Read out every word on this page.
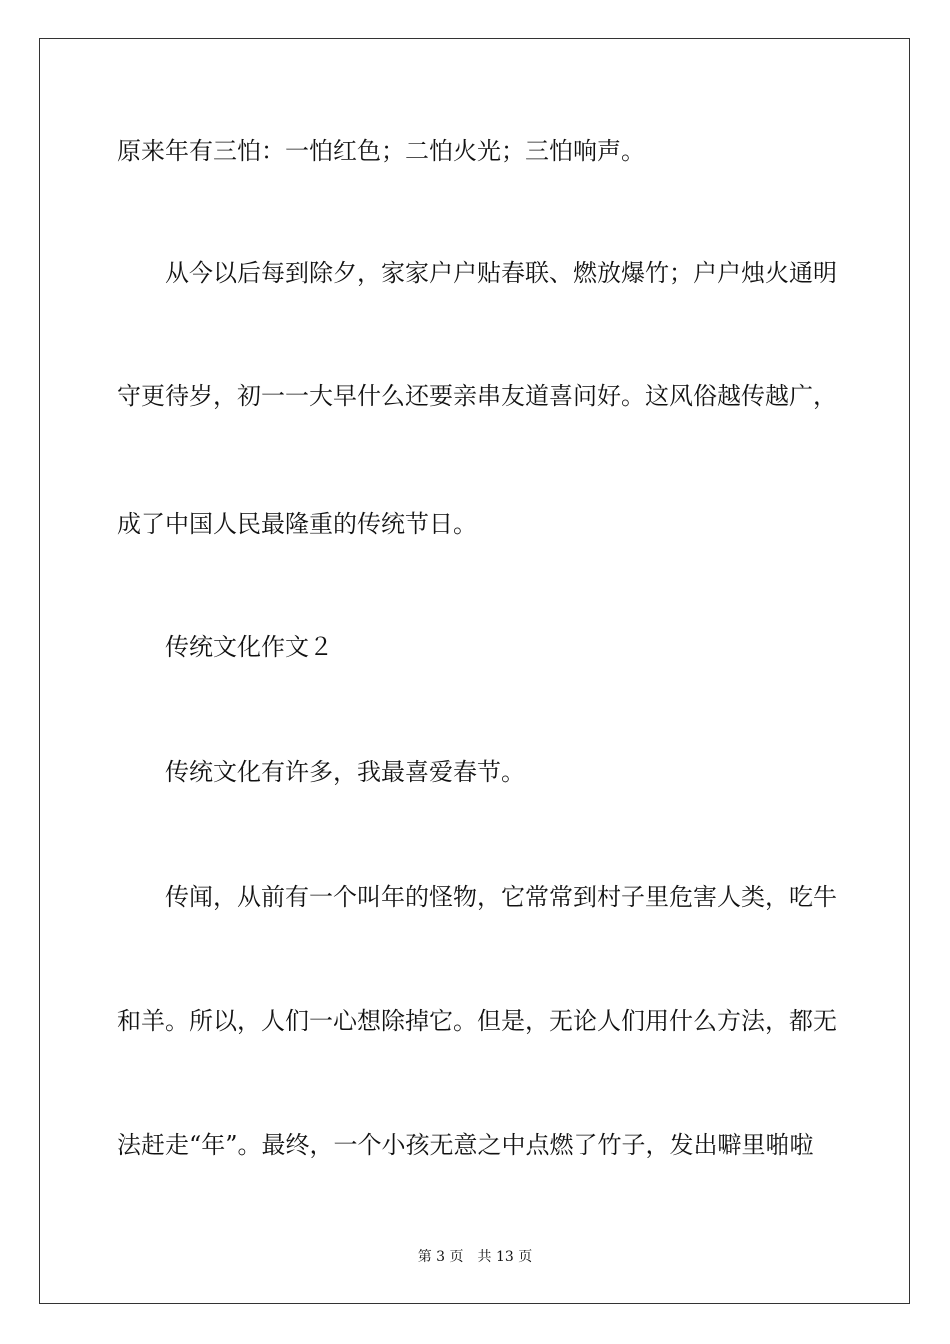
原来年有三怕：一怕红色；二怕火光；三怕响声。
从今以后每到除夕，家家户户贴春联、燃放爆竹；户户烛火通明
守更待岁，初一一大早什么还要亲串友道喜问好。这风俗越传越广，
成了中国人民最隆重的传统节日。
传统文化作文２
传统文化有许多，我最喜爱春节。
传闻，从前有一个叫年的怪物，它常常到村子里危害人类，吃牛
和羊。所以，人们一心想除掉它。但是，无论人们用什么方法，都无
法赶走“年”。最终，一个小孩无意之中点燃了竹子，发出噼里啪啦
第 3 页　共 13 页
